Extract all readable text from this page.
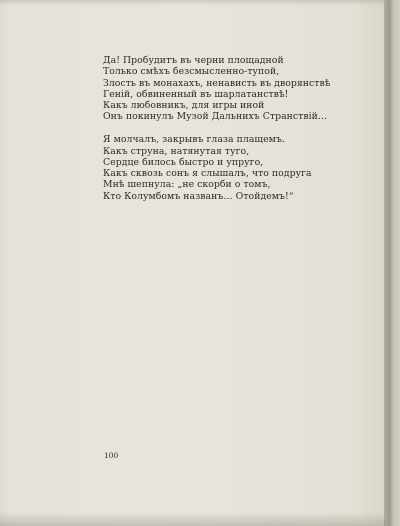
Да! Пробудитъ въ черни площадной
Только смѣхъ безсмысленно-тупой,
Злость въ монахахъ, ненависть въ дворянствѣ
Геній, обвиненный въ шарлатанствѣ!
Какъ любовникъ, для игры иной
Онъ покинулъ Музой Дальнихъ Странствій…

Я молчалъ, закрывъ глаза плащемъ.
Какъ струна, натянутая туго,
Сердце билось быстро и упруго,
Какъ сквозь сонъ я слышалъ, что подруга
Мнѣ шепнула: „не скорби о томъ,
Кто Колумбомъ названъ… Отойдемъ!“

100
